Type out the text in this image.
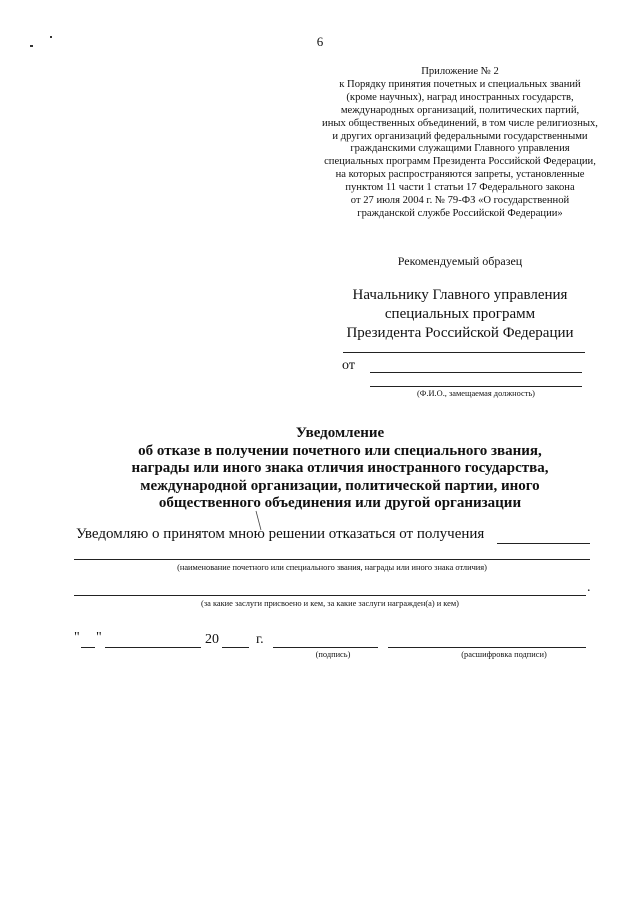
6
Приложение № 2
к Порядку принятия почетных и специальных званий
(кроме научных), наград иностранных государств,
международных организаций, политических партий,
иных общественных объединений, в том числе религиозных,
и других организаций федеральными государственными
гражданскими служащими Главного управления
специальных программ Президента Российской Федерации,
на которых распространяются запреты, установленные
пунктом 11 части 1 статьи 17 Федерального закона
от 27 июля 2004 г. № 79-ФЗ «О государственной
гражданской службе Российской Федерации»
Рекомендуемый образец
Начальнику Главного управления
специальных программ
Президента Российской Федерации
от
(Ф.И.О., замещаемая должность)
Уведомление
об отказе в получении почетного или специального звания,
награды или иного знака отличия иностранного государства,
международной организации, политической партии, иного
общественного объединения или другой организации
Уведомляю о принятом мною решении отказаться от получения
(наименование почетного или специального звания, награды или иного знака отличия)
.
(за какие заслуги присвоено и кем, за какие заслуги награжден(а) и кем)
" "	20	г.
(подпись)	(расшифровка подписи)
